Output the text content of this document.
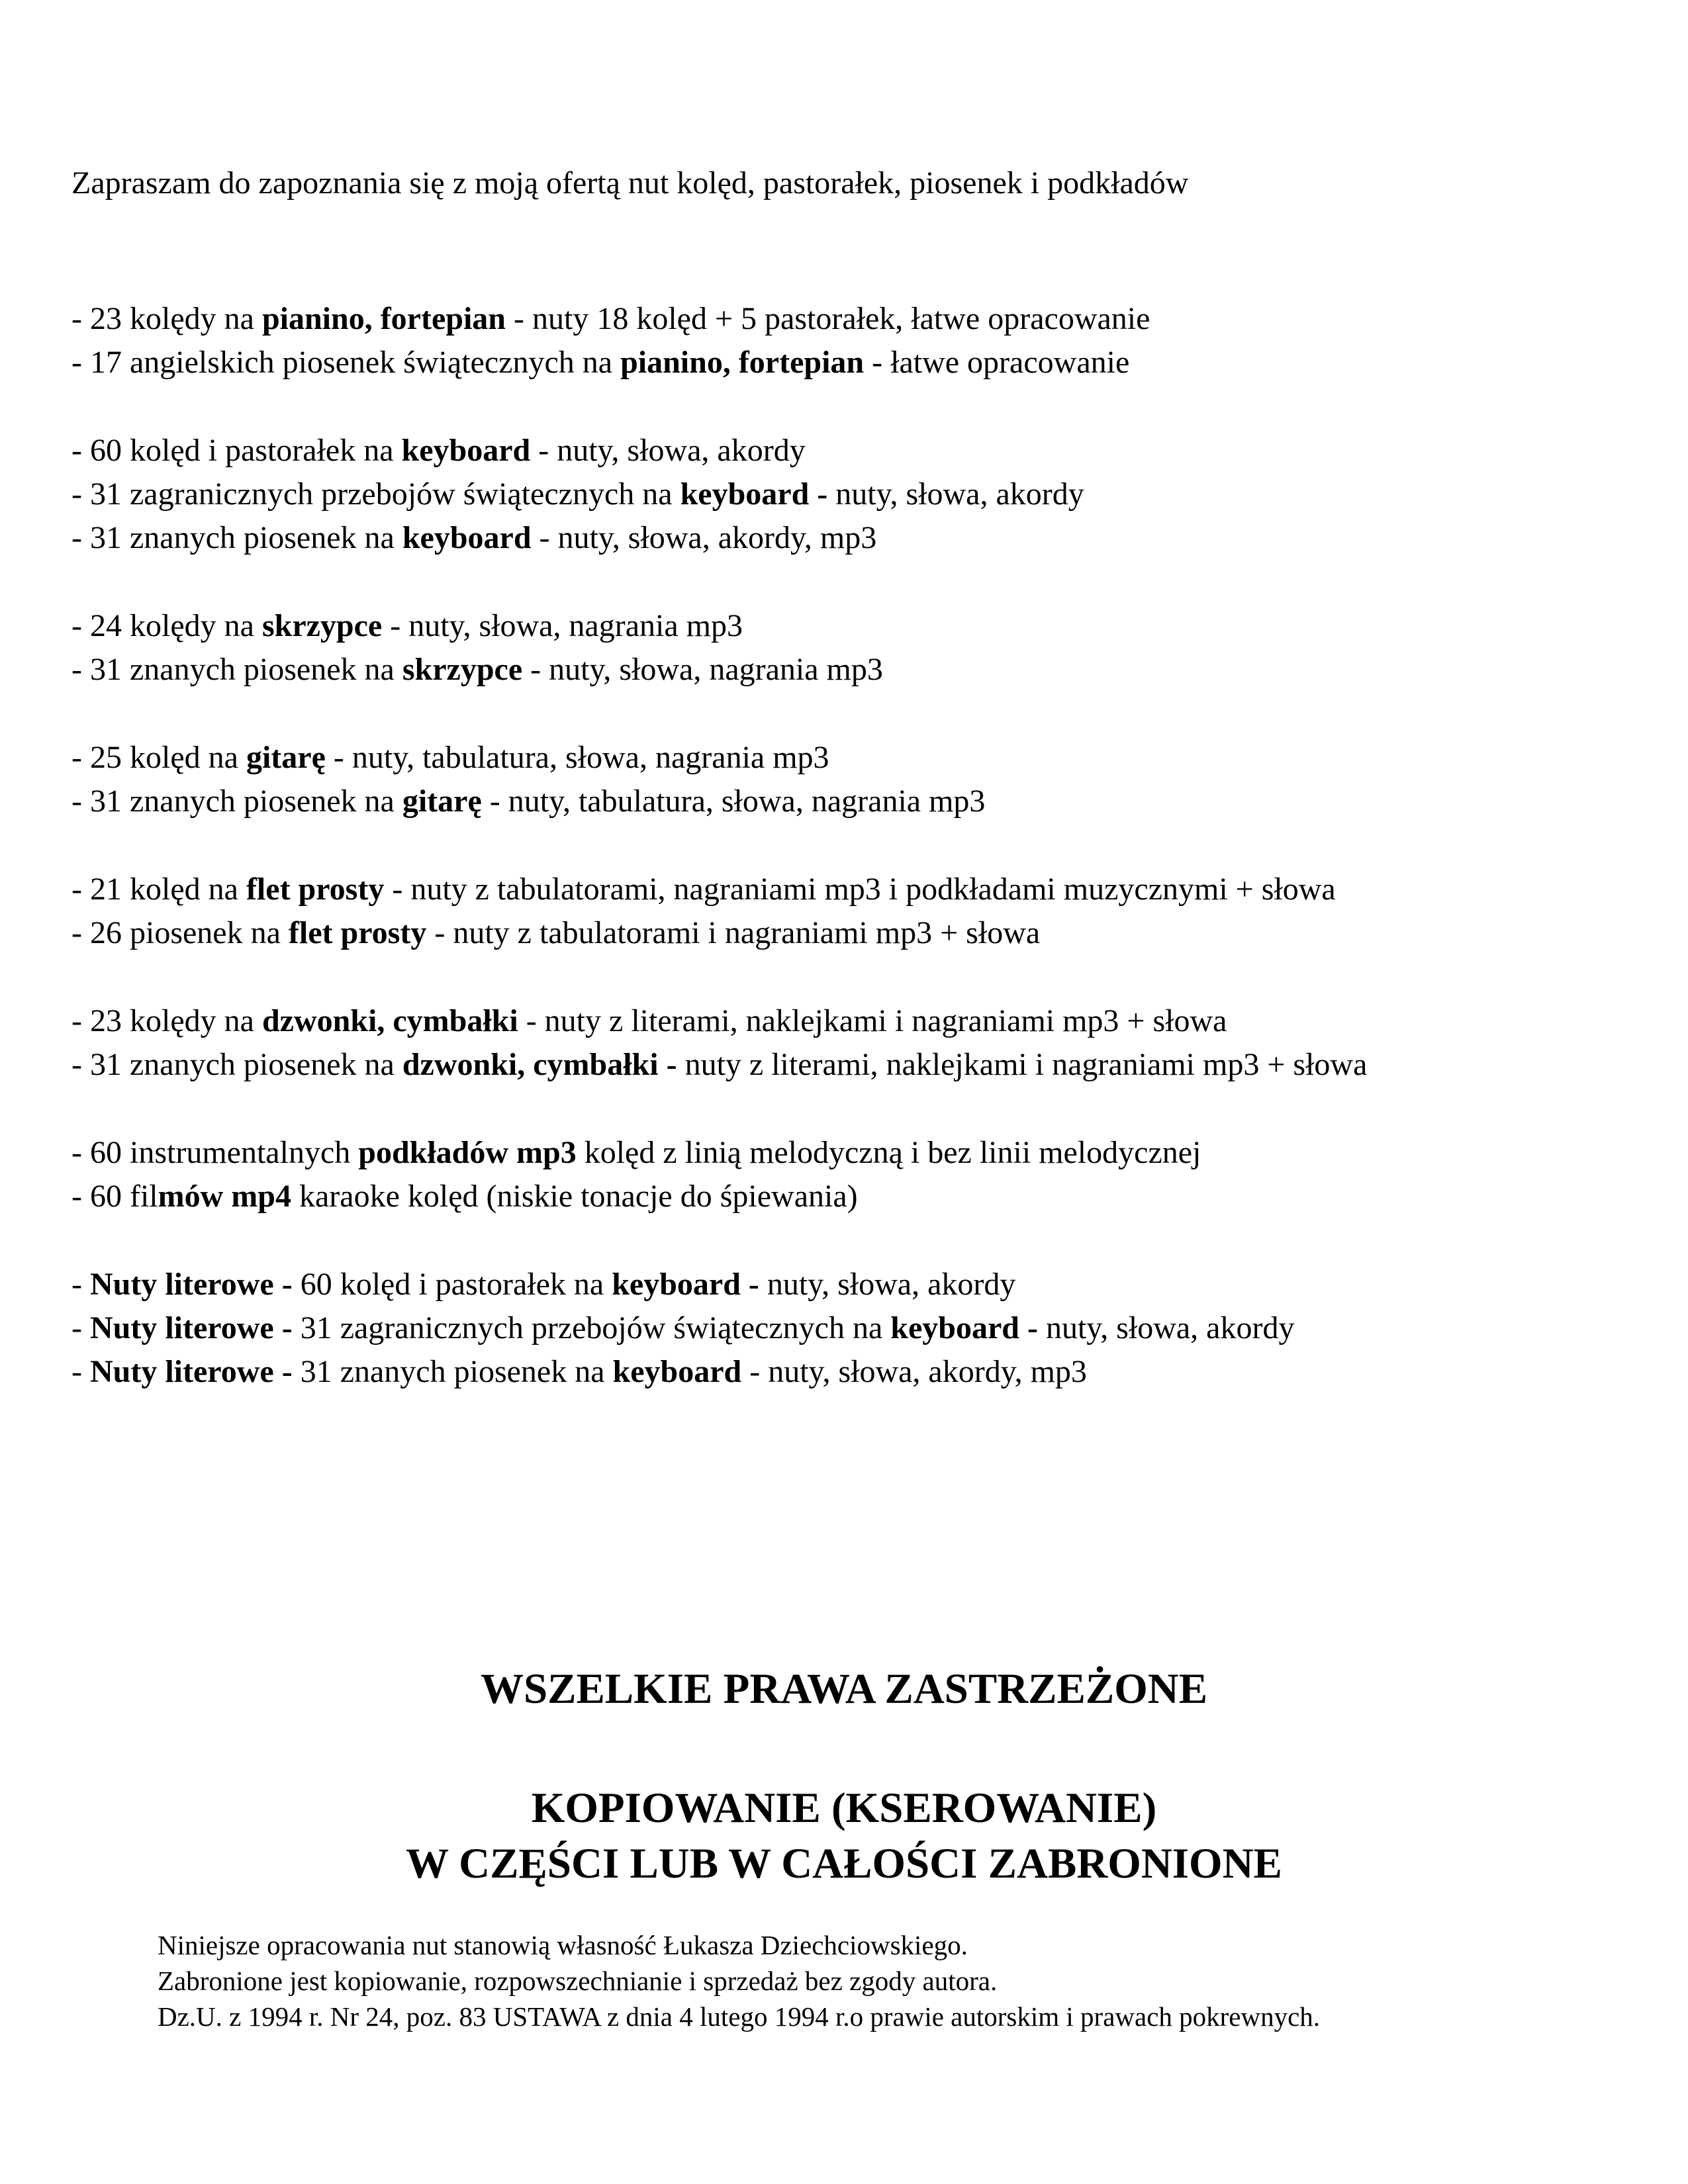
Zapraszam do zapoznania się z moją ofertą nut kolęd, pastorałek, piosenek i podkładów

- 23 kolędy na pianino, fortepian - nuty 18 kolęd + 5 pastorałek, łatwe opracowanie

- 17 angielskich piosenek świątecznych na pianino, fortepian - łatwe opracowanie

- 60 kolęd i pastorałek na keyboard - nuty, słowa, akordy

- 31 zagranicznych przebojów świątecznych na keyboard - nuty, słowa, akordy

- 31 znanych piosenek na keyboard - nuty, słowa, akordy, mp3

- 24 kolędy na skrzypce - nuty, słowa, nagrania mp3

- 31 znanych piosenek na skrzypce - nuty, słowa, nagrania mp3

- 25 kolęd na gitarę - nuty, tabulatura, słowa, nagrania mp3

- 31 znanych piosenek na gitarę - nuty, tabulatura, słowa, nagrania mp3

- 21 kolęd na flet prosty - nuty z tabulatorami, nagraniami mp3 i podkładami muzycznymi + słowa

- 26 piosenek na flet prosty - nuty z tabulatorami i nagraniami mp3 + słowa

- 23 kolędy na dzwonki, cymbałki - nuty z literami, naklejkami i nagraniami mp3 + słowa

- 31 znanych piosenek na dzwonki, cymbałki - nuty z literami, naklejkami i nagraniami mp3 + słowa

- 60 instrumentalnych podkładów mp3 kolęd z linią melodyczną i bez linii melodycznej

- 60 filmów mp4 karaoke kolęd (niskie tonacje do śpiewania)

- Nuty literowe - 60 kolęd i pastorałek na keyboard - nuty, słowa, akordy

- Nuty literowe - 31 zagranicznych przebojów świątecznych na keyboard - nuty, słowa, akordy

- Nuty literowe - 31 znanych piosenek na keyboard - nuty, słowa, akordy, mp3

WSZELKIE PRAWA ZASTRZEŻONE

KOPIOWANIE (KSEROWANIE)

W CZĘŚCI LUB W CAŁOŚCI ZABRONIONE

Niniejsze opracowania nut stanowią własność Łukasza Dziechciowskiego.

Zabronione jest kopiowanie, rozpowszechnianie i sprzedaż bez zgody autora.

Dz.U. z 1994 r. Nr 24, poz. 83 USTAWA z dnia 4 lutego 1994 r.o prawie autorskim i prawach pokrewnych.
